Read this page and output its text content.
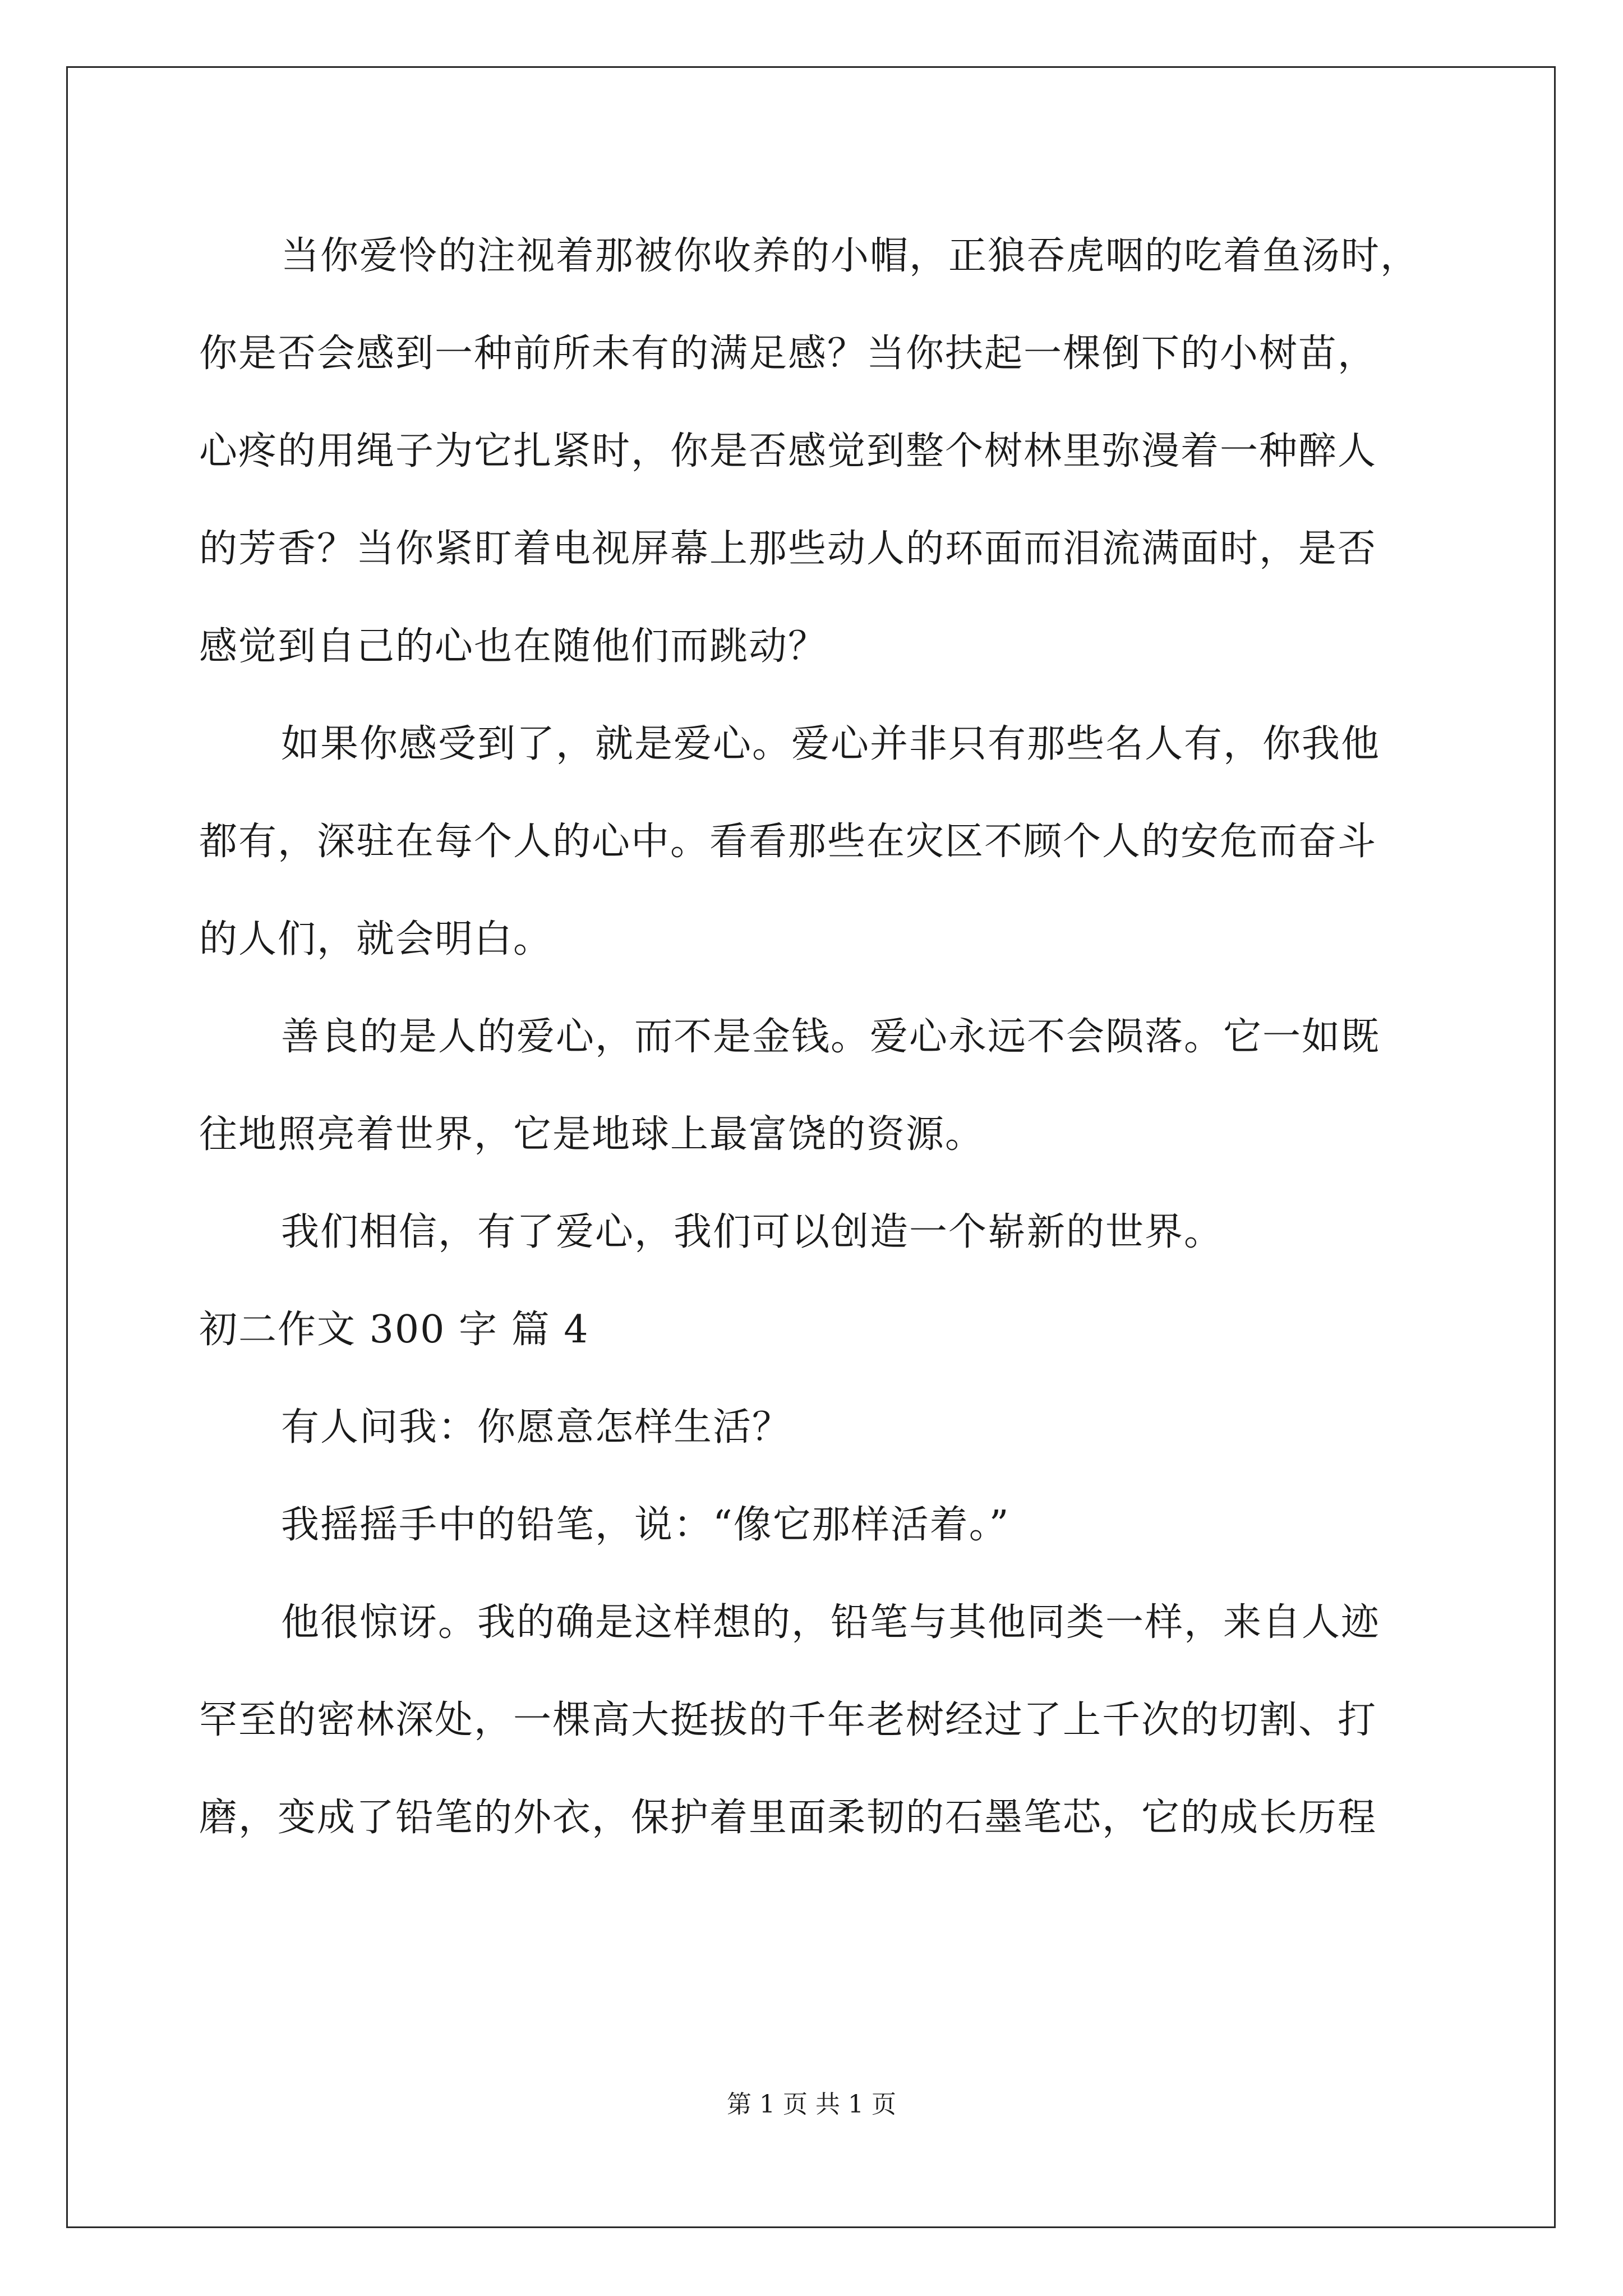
当你爱怜的注视着那被你收养的小帽，正狼吞虎咽的吃着鱼汤时，
你是否会感到一种前所未有的满足感？当你扶起一棵倒下的小树苗，
心疼的用绳子为它扎紧时，你是否感觉到整个树林里弥漫着一种醉人
的芳香？当你紧盯着电视屏幕上那些动人的环面而泪流满面时，是否
感觉到自己的心也在随他们而跳动？
如果你感受到了，就是爱心。爱心并非只有那些名人有，你我他
都有，深驻在每个人的心中。看看那些在灾区不顾个人的安危而奋斗
的人们，就会明白。
善良的是人的爱心，而不是金钱。爱心永远不会陨落。它一如既
往地照亮着世界，它是地球上最富饶的资源。
我们相信，有了爱心，我们可以创造一个崭新的世界。
初二作文 300 字 篇 4
有人问我：你愿意怎样生活？
我摇摇手中的铅笔，说：“像它那样活着。”
他很惊讶。我的确是这样想的，铅笔与其他同类一样，来自人迹
罕至的密林深处，一棵高大挺拔的千年老树经过了上千次的切割、打
磨，变成了铅笔的外衣，保护着里面柔韧的石墨笔芯，它的成长历程
第 1 页 共 1 页
